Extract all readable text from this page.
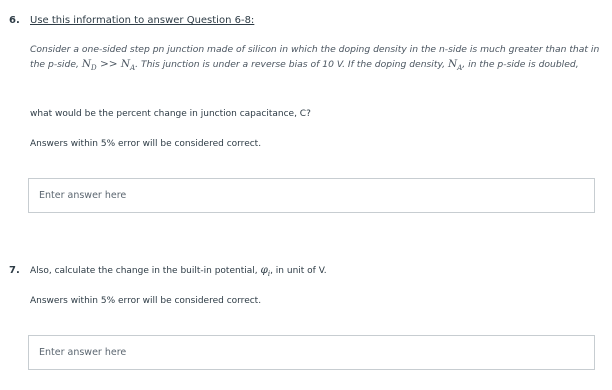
6. Use this information to answer Question 6-8:
Consider a one-sided step pn junction made of silicon in which the doping density in the n-side is much greater than that in the p-side, $N_D >> N_A$. This junction is under a reverse bias of 10 V. If the doping density, $N_A$, in the p-side is doubled,
what would be the percent change in junction capacitance, C?
Answers within 5% error will be considered correct.
Enter answer here
7. Also, calculate the change in the built-in potential, $\varphi_i$, in unit of V.
Answers within 5% error will be considered correct.
Enter answer here
